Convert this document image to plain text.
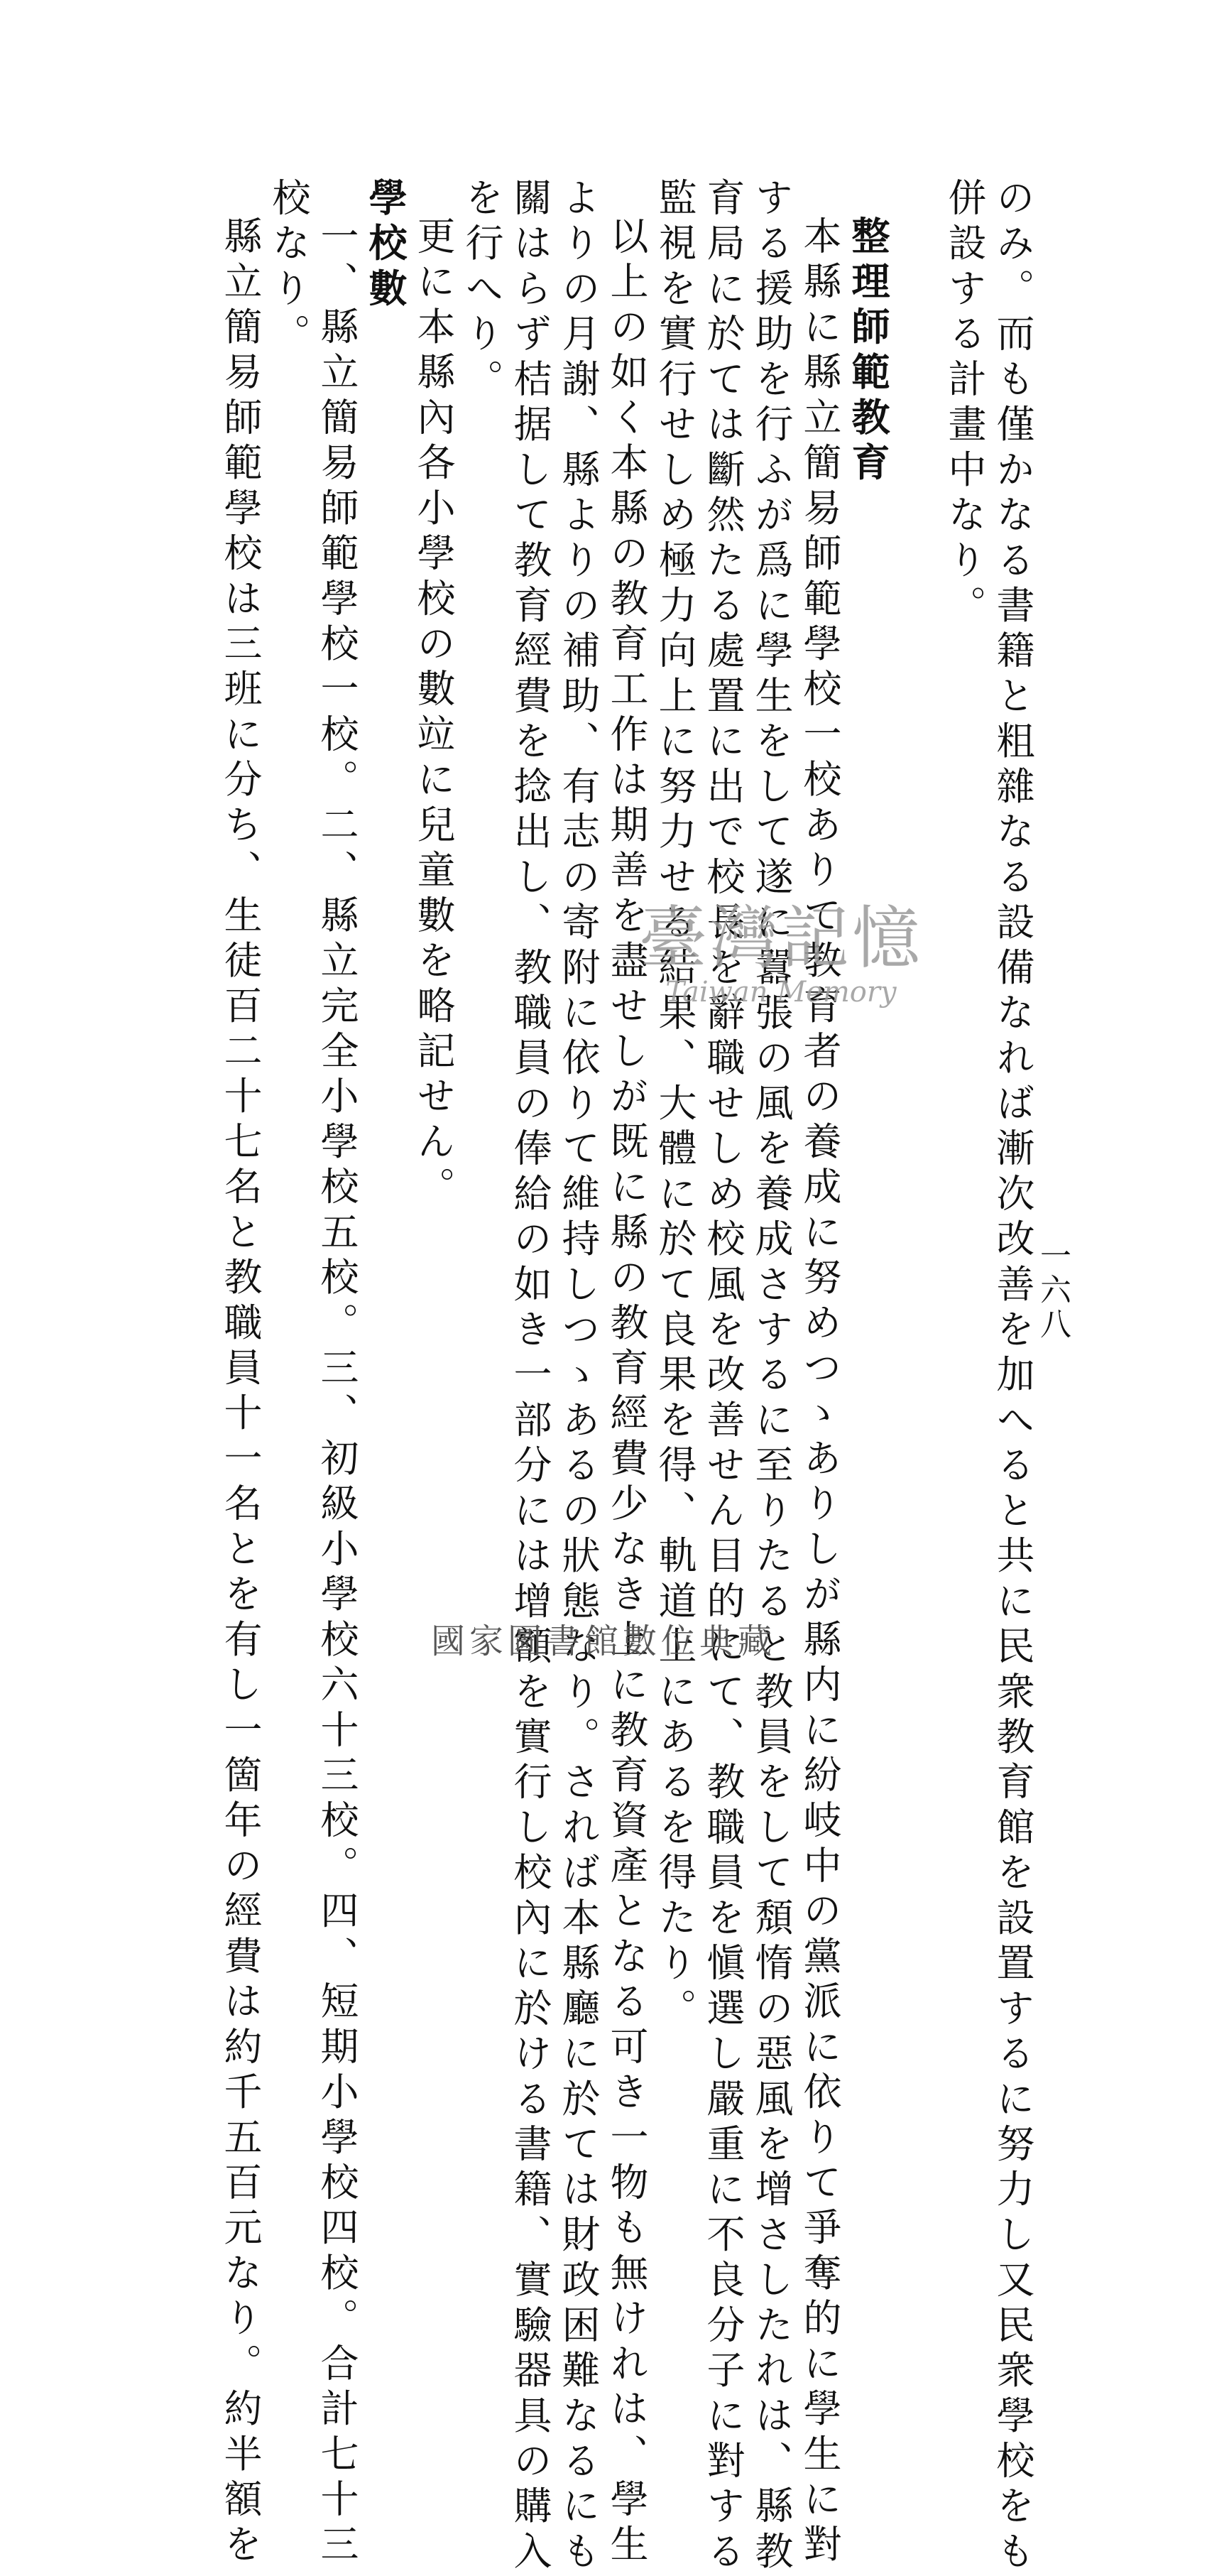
一六八
のみ。而も僅かなる書籍と粗雜なる設備なれば漸次改善を加へると共に民衆教育館を設置するに努力し又民衆學校をも
併設する計畫中なり。

整理師範教育
本縣に縣立簡易師範學校一校ありて教育者の養成に努めつゝありしが縣内に紛岐中の黨派に依りて爭奪的に學生に對
する援助を行ふが爲に學生をして遂に囂張の風を養成さするに至りたると教員をして頽惰の惡風を增さしたれは、縣教
育局に於ては斷然たる處置に出で校長を辭職せしめ校風を改善せん目的にて、教職員を愼選し嚴重に不良分子に對する
監視を實行せしめ極力向上に努力せる結果、大體に於て良果を得、軌道上にあるを得たり。
以上の如く本縣の教育工作は期善を盡せしが既に縣の教育經費少なき上に教育資產となる可き一物も無けれは、學生
よりの月謝、縣よりの補助、有志の寄附に依りて維持しつゝあるの狀態なり。されば本縣廳に於ては財政困難なるにも
關はらず桔据して教育經費を捻出し、教職員の俸給の如き一部分には增額を實行し校內に於ける書籍、實驗器具の購入
を行へり。
更に本縣內各小學校の數竝に兒童數を略記せん。
學校數
一、縣立簡易師範學校一校。二、縣立完全小學校五校。三、初級小學校六十三校。四、短期小學校四校。合計七十三
校なり。
縣立簡易師範學校は三班に分ち、生徒百二十七名と教職員十一名とを有し一箇年の經費は約千五百元なり。約半額を	臺灣記憶
Taiwan Memory
國家圖書館數位典藏
